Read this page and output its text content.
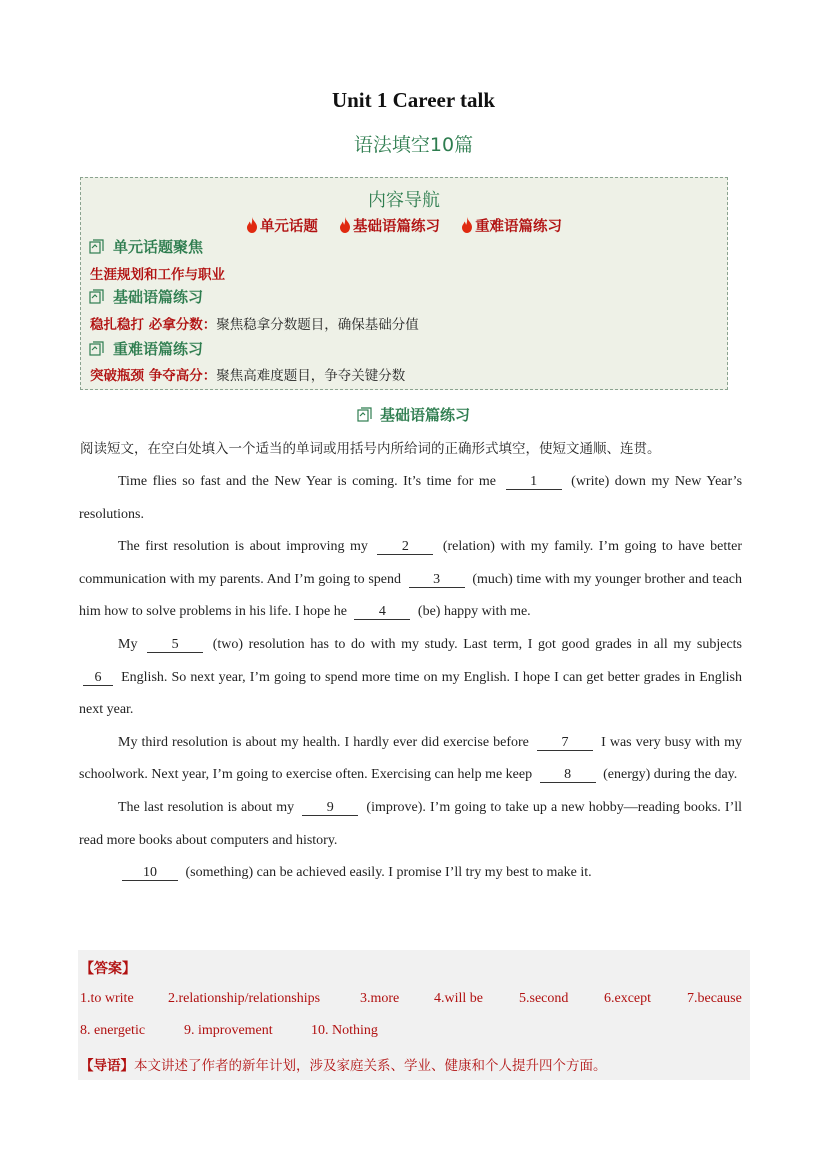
Unit 1 Career talk
语法填空10篇
内容导航
单元话题 基础语篇练习 重难语篇练习
单元话题聚焦
生涯规划和工作与职业
基础语篇练习
稳扎稳打 必拿分数：聚焦稳拿分数题目，确保基础分值
重难语篇练习
突破瓶颈 争夺高分：聚焦高难度题目，争夺关键分数
基础语篇练习
阅读短文，在空白处填入一个适当的单词或用括号内所给词的正确形式填空，使短文通顺、连贯。

Time flies so fast and the New Year is coming. It’s time for me 1 (write) down my New Year’s resolutions.

The first resolution is about improving my 2 (relation) with my family. I’m going to have better communication with my parents. And I’m going to spend 3 (much) time with my younger brother and teach him how to solve problems in his life. I hope he 4 (be) happy with me.

My 5 (two) resolution has to do with my study. Last term, I got good grades in all my subjects 6 English. So next year, I’m going to spend more time on my English. I hope I can get better grades in English next year.

My third resolution is about my health. I hardly ever did exercise before 7 I was very busy with my schoolwork. Next year, I’m going to exercise often. Exercising can help me keep 8 (energy) during the day.

The last resolution is about my 9 (improve). I’m going to take up a new hobby—reading books. I’ll read more books about computers and history.

10 (something) can be achieved easily. I promise I’ll try my best to make it.

【答案】
1.to write 2.relationship/relationships	3.more 4.will be	5.second	6.except	7.because
8. energetic	9. improvement	10. Nothing
【导语】本文讲述了作者的新年计划，涉及家庭关系、学业、健康和个人提升四个方面。
